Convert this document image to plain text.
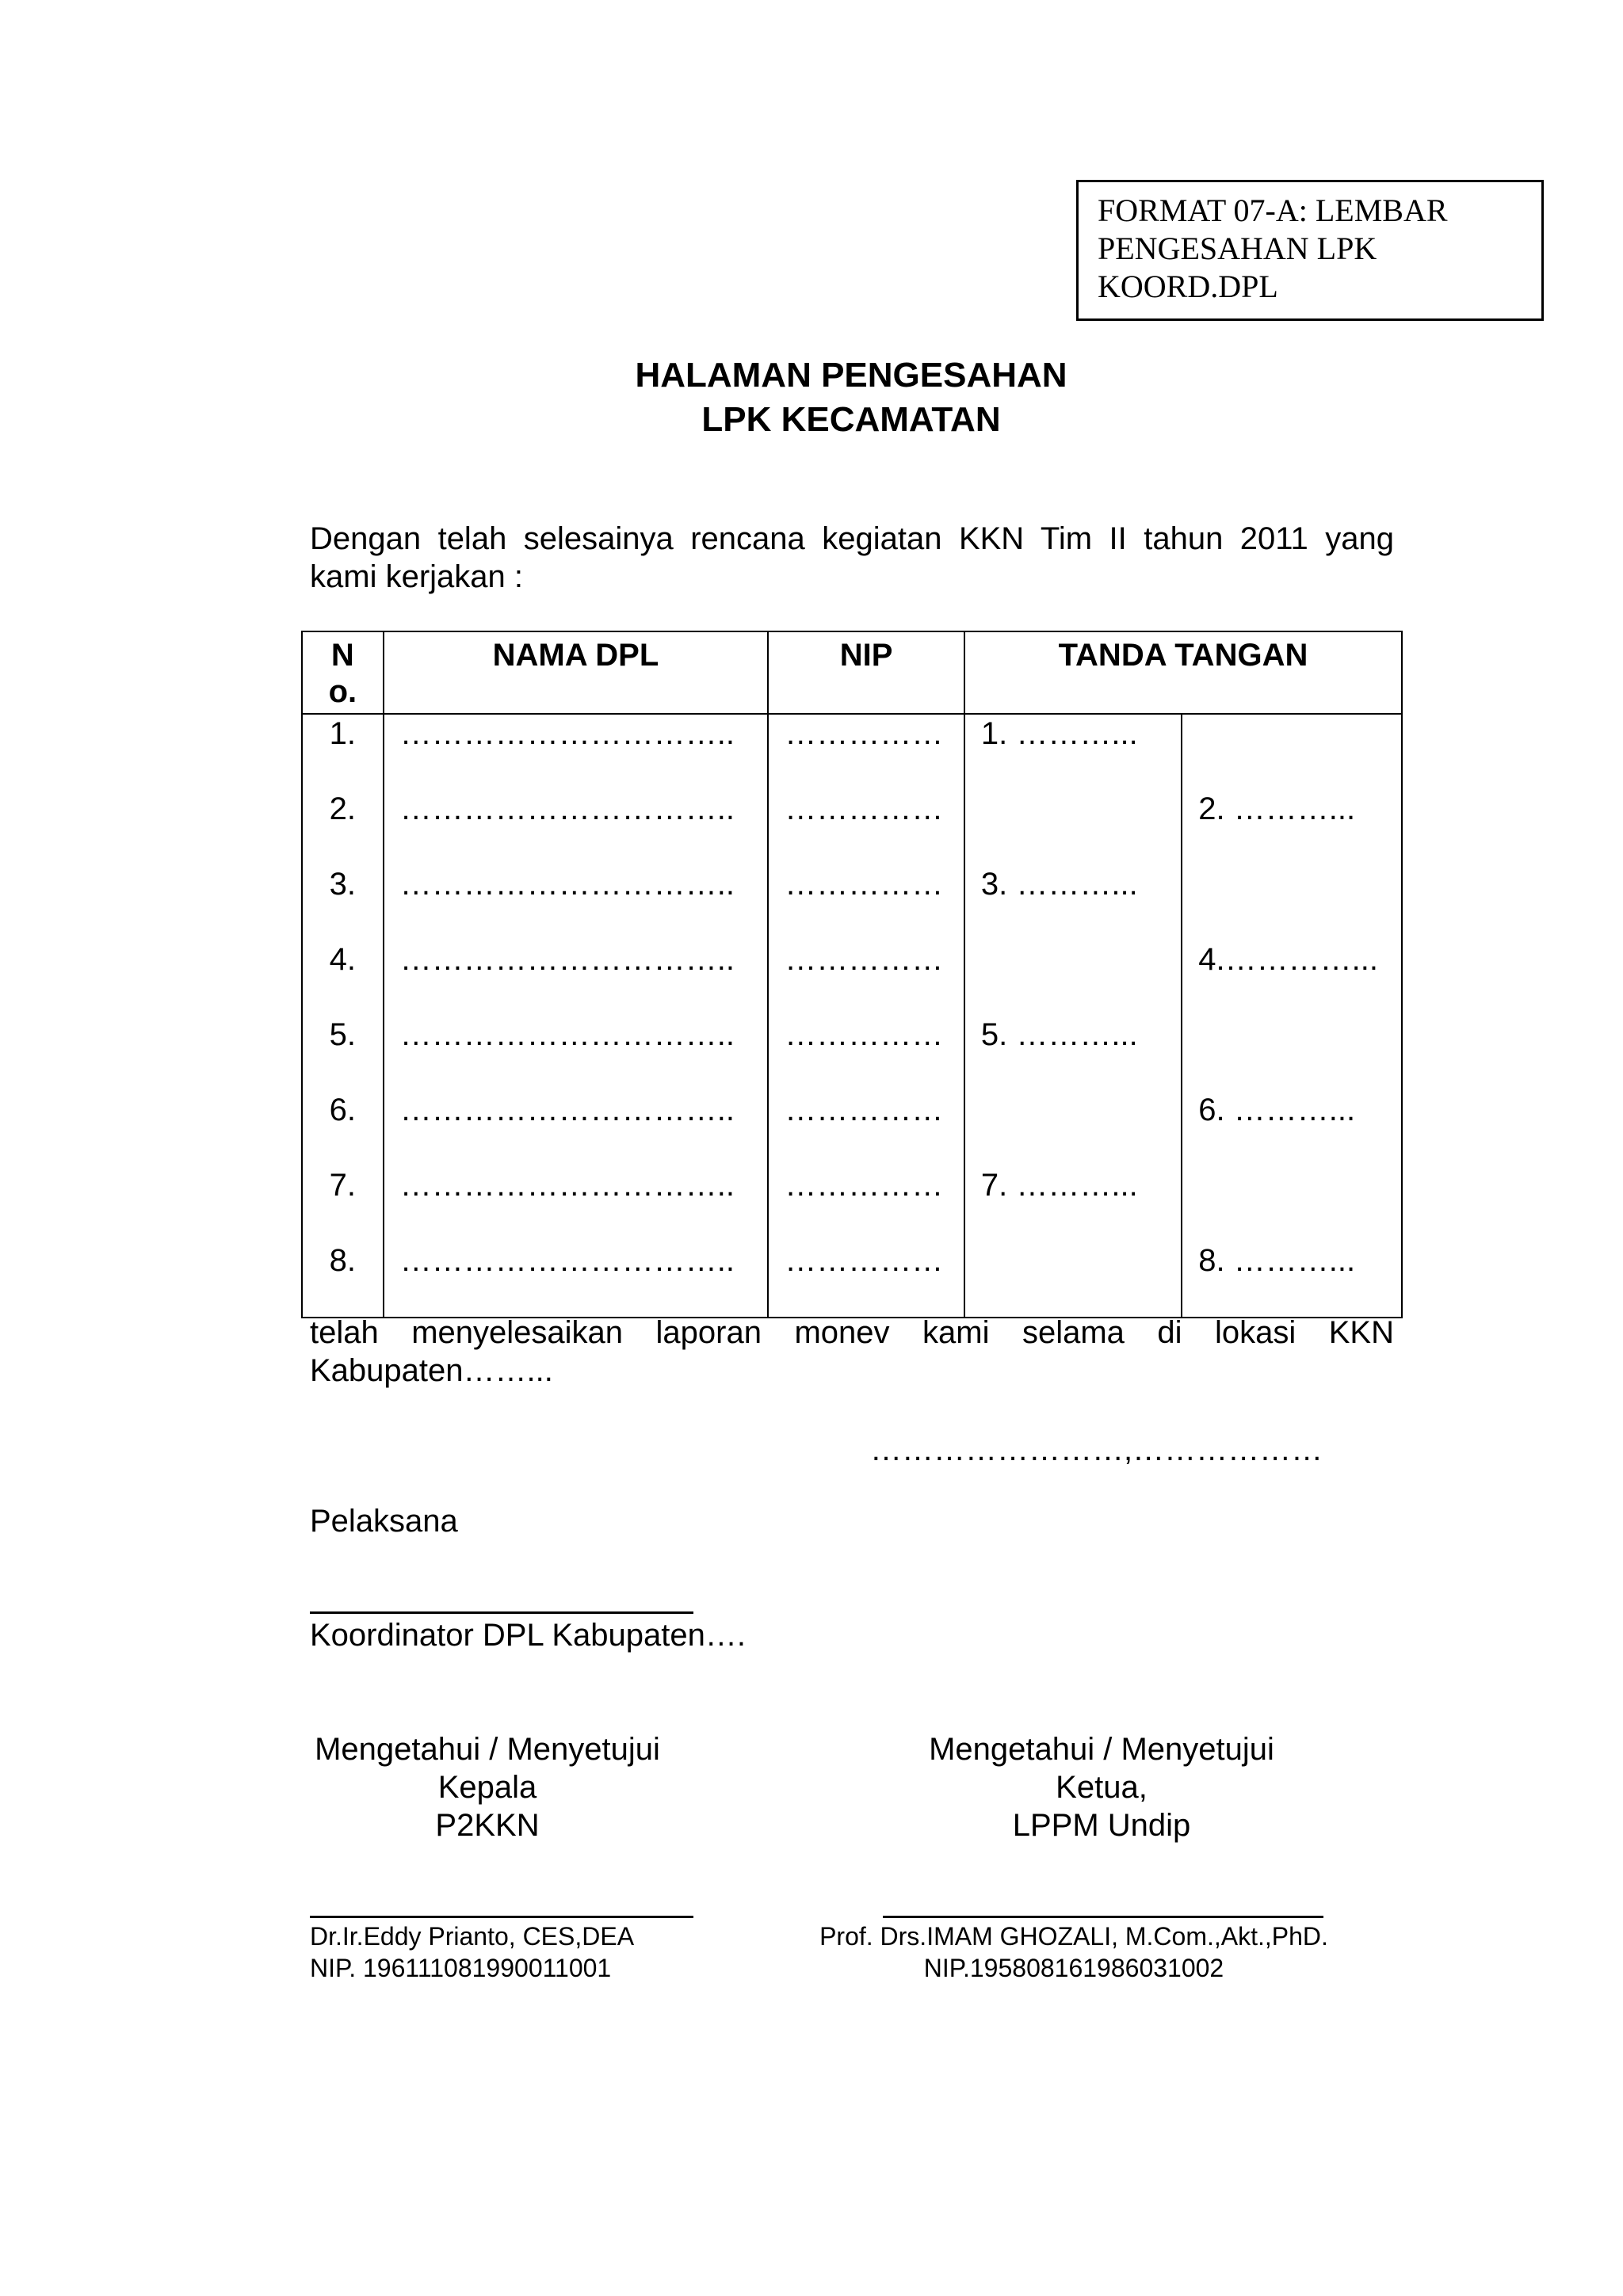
FORMAT 07-A: LEMBAR
PENGESAHAN LPK
KOORD.DPL
HALAMAN PENGESAHAN
LPK KECAMATAN
Dengan telah selesainya rencana kegiatan KKN Tim II tahun 2011 yang
kami kerjakan :
No.	NAMA DPL	NIP	TANDA TANGAN	
1.	…………………………..	……………	1. ………...	
2.	…………………………..	……………		2. ………...
3.	…………………………..	……………	3. ………...	
4.	…………………………..	……………		4.…………...
5.	…………………………..	……………	5. ………...	
6.	…………………………..	……………		6. ………...
7.	…………………………..	……………	7. ………...	
8.	…………………………..	……………		8. ………...
telah menyelesaikan laporan monev kami selama di lokasi KKN
Kabupaten……...
……………………,………………
Pelaksana
Koordinator DPL Kabupaten….
Mengetahui / Menyetujui
Kepala
P2KKN
Dr.Ir.Eddy Prianto, CES,DEA
NIP. 196111081990011001
Mengetahui / Menyetujui
Ketua,
LPPM Undip
Prof. Drs.IMAM GHOZALI, M.Com.,Akt.,PhD.
NIP.195808161986031002
